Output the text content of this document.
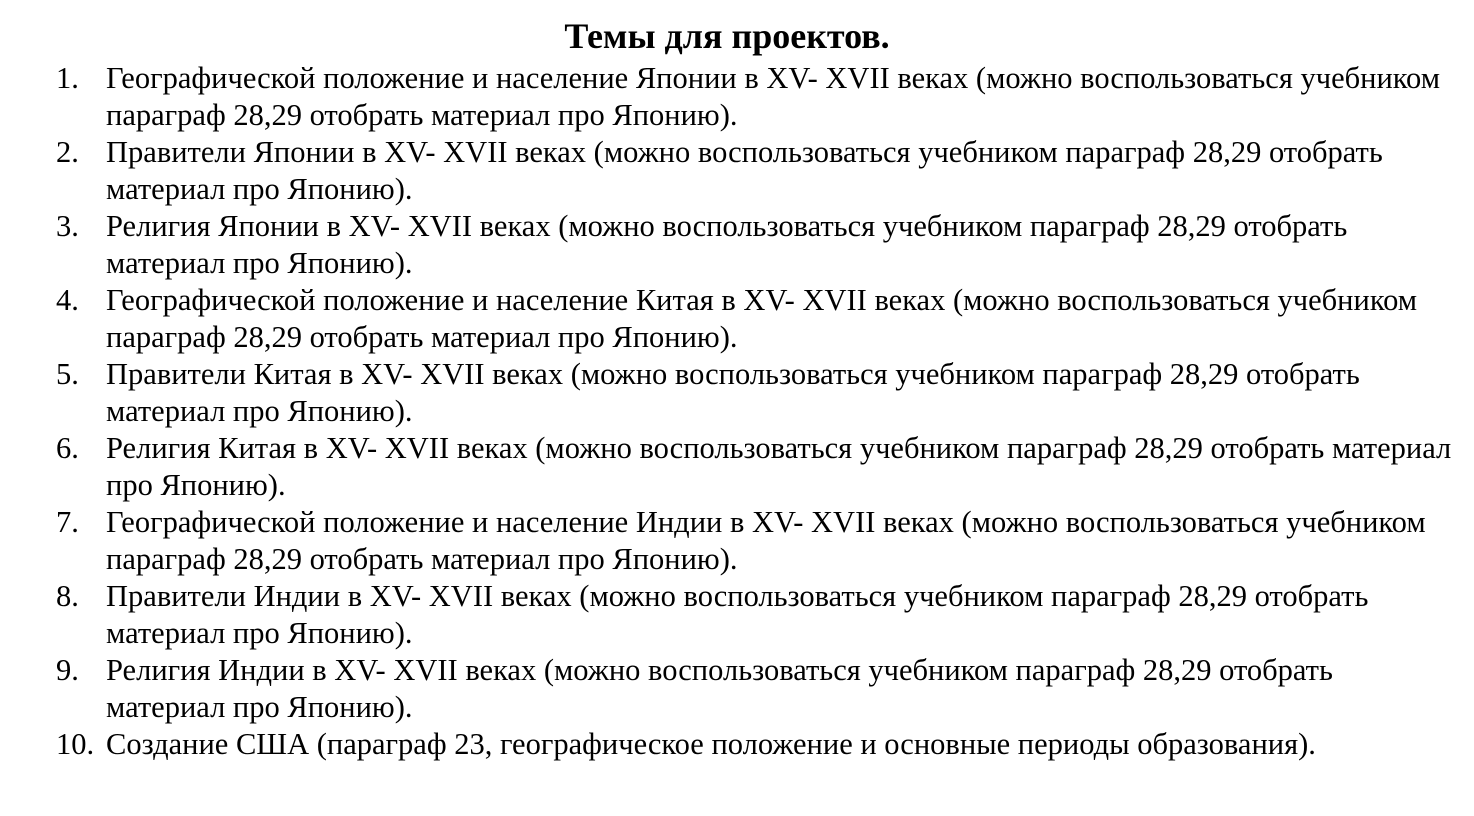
Темы для проектов.
1. Географической положение и население Японии в XV- XVII веках (можно воспользоваться учебником параграф 28,29 отобрать материал про Японию).
2. Правители Японии в XV- XVII веках (можно воспользоваться учебником параграф 28,29 отобрать материал про Японию).
3. Религия Японии в XV- XVII веках (можно воспользоваться учебником параграф 28,29 отобрать материал про Японию).
4. Географической положение и население Китая в XV- XVII веках (можно воспользоваться учебником параграф 28,29 отобрать материал про Японию).
5. Правители Китая в XV- XVII веках (можно воспользоваться учебником параграф 28,29 отобрать материал про Японию).
6. Религия Китая в XV- XVII веках (можно воспользоваться учебником параграф 28,29 отобрать материал про Японию).
7. Географической положение и население Индии в XV- XVII веках (можно воспользоваться учебником параграф 28,29 отобрать материал про Японию).
8. Правители Индии в XV- XVII веках (можно воспользоваться учебником параграф 28,29 отобрать материал про Японию).
9. Религия Индии в XV- XVII веках (можно воспользоваться учебником параграф 28,29 отобрать материал про Японию).
10. Создание США (параграф 23, географическое положение и основные периоды образования).
